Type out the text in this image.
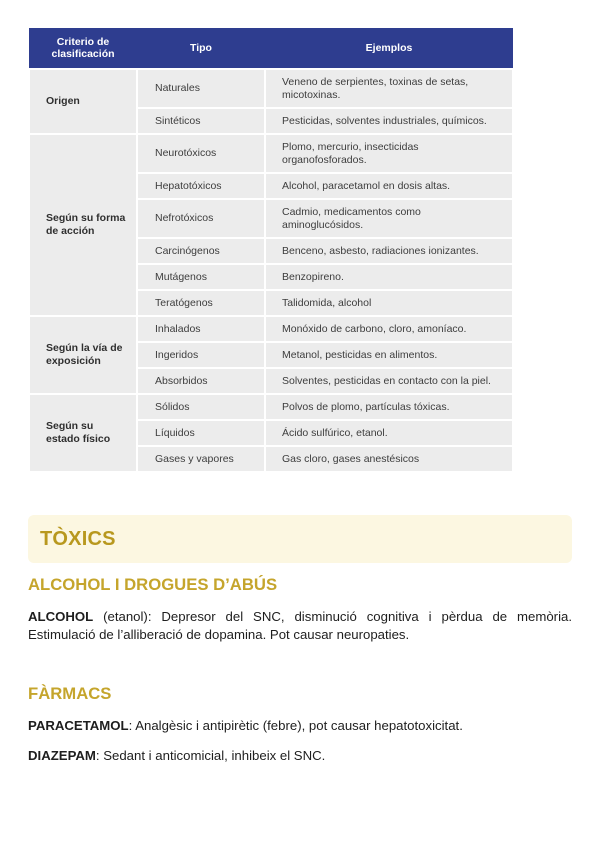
Criterio de clasificación	Tipo	Ejemplos
Origen	Naturales	Veneno de serpientes, toxinas de setas, micotoxinas.
	Sintéticos	Pesticidas, solventes industriales, químicos.
Según su forma de acción	Neurotóxicos	Plomo, mercurio, insecticidas organofosforados.
	Hepatotóxicos	Alcohol, paracetamol en dosis altas.
	Nefrotóxicos	Cadmio, medicamentos como aminoglucósidos.
	Carcinógenos	Benceno, asbesto, radiaciones ionizantes.
	Mutágenos	Benzopireno.
	Teratógenos	Talidomida, alcohol
Según la vía de exposición	Inhalados	Monóxido de carbono, cloro, amoníaco.
	Ingeridos	Metanol, pesticidas en alimentos.
	Absorbidos	Solventes, pesticidas en contacto con la piel.
Según su estado físico	Sólidos	Polvos de plomo, partículas tóxicas.
	Líquidos	Ácido sulfúrico, etanol.
	Gases y vapores	Gas cloro, gases anestésicos
TÒXICS
ALCOHOL I DROGUES D’ABÚS

ALCOHOL (etanol): Depresor del SNC, disminució cognitiva i pèrdua de memòria. Estimulació de l’alliberació de dopamina. Pot causar neuropaties.

FÀRMACS

PARACETAMOL: Analgèsic i antipirètic (febre), pot causar hepatotoxicitat.

DIAZEPAM: Sedant i anticomicial, inhibeix el SNC.
